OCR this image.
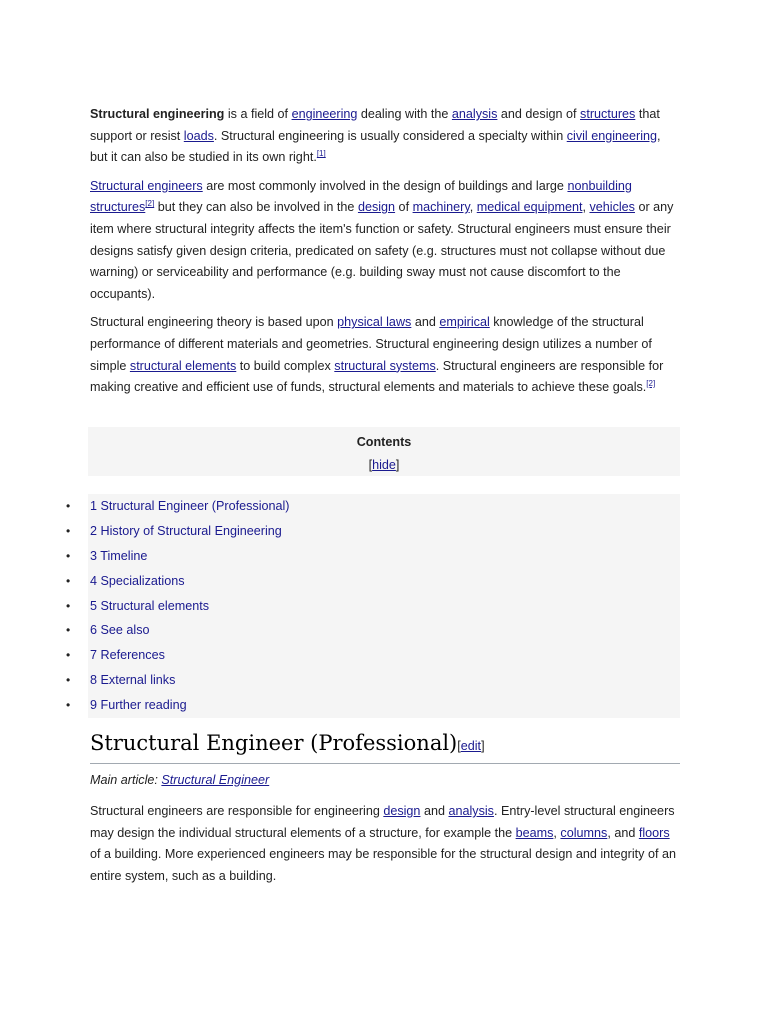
Structural engineering is a field of engineering dealing with the analysis and design of structures that support or resist loads. Structural engineering is usually considered a specialty within civil engineering, but it can also be studied in its own right.[1]

Structural engineers are most commonly involved in the design of buildings and large nonbuilding structures[2] but they can also be involved in the design of machinery, medical equipment, vehicles or any item where structural integrity affects the item's function or safety. Structural engineers must ensure their designs satisfy given design criteria, predicated on safety (e.g. structures must not collapse without due warning) or serviceability and performance (e.g. building sway must not cause discomfort to the occupants).

Structural engineering theory is based upon physical laws and empirical knowledge of the structural performance of different materials and geometries. Structural engineering design utilizes a number of simple structural elements to build complex structural systems. Structural engineers are responsible for making creative and efficient use of funds, structural elements and materials to achieve these goals.[2]

Contents
[hide]
• 1 Structural Engineer (Professional)
• 2 History of Structural Engineering
• 3 Timeline
• 4 Specializations
• 5 Structural elements
• 6 See also
• 7 References
• 8 External links
• 9 Further reading
Structural Engineer (Professional)[edit]
Main article: Structural Engineer

Structural engineers are responsible for engineering design and analysis. Entry-level structural engineers may design the individual structural elements of a structure, for example the beams, columns, and floors of a building. More experienced engineers may be responsible for the structural design and integrity of an entire system, such as a building.
